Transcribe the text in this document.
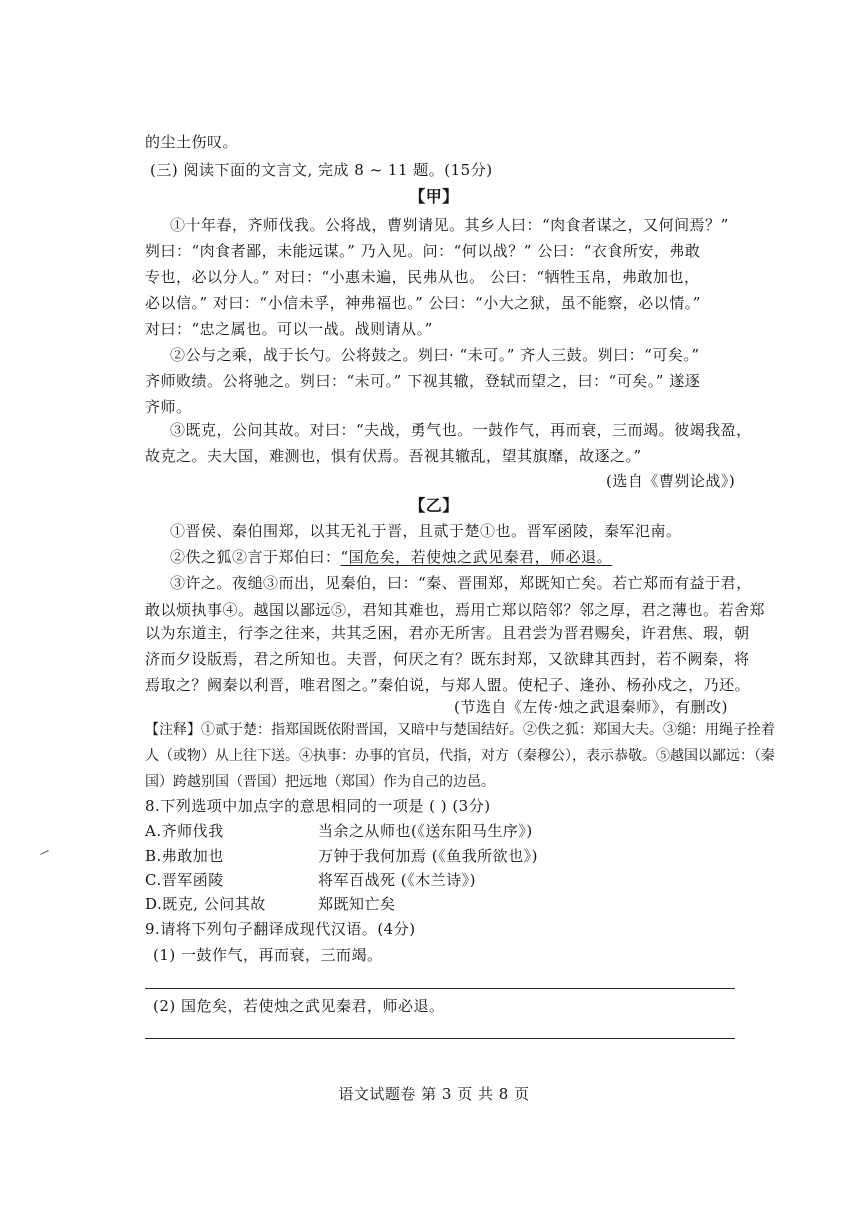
的尘土伤叹。
(三) 阅读下面的文言文, 完成 8 ~ 11 题。(15分)
【甲】
①十年春，齐师伐我。公将战，曹刿请见。其乡人曰：“肉食者谋之，又何间焉？”
刿曰：“肉食者鄙，未能远谋。” 乃入见。问：“何以战？” 公曰：“衣食所安，弗敢
专也，必以分人。” 对曰：“小惠未遍，民弗从也。 公曰：“牺牲玉帛，弗敢加也，
必以信。” 对曰：“小信未孚，神弗福也。” 公曰：“小大之狱，虽不能察，必以情。”
对曰：“忠之属也。可以一战。战则请从。”
②公与之乘，战于长勺。公将鼓之。刿曰· “未可。” 齐人三鼓。刿曰：“可矣。”
齐师败绩。公将驰之。刿曰：“未可。” 下视其辙，登轼而望之，曰：“可矣。” 遂逐
齐师。
③既克，公问其故。对曰：“夫战，勇气也。一鼓作气，再而衰，三而竭。彼竭我盈，
故克之。夫大国，难测也，惧有伏焉。吾视其辙乱，望其旗靡，故逐之。”
(选自《曹刿论战》)
【乙】
①晋侯、秦伯围郑，以其无礼于晋，且贰于楚①也。晋军函陵，秦军氾南。
②佚之狐②言于郑伯曰：“国危矣，若使烛之武见秦君，师必退。
③许之。夜缒③而出，见秦伯，曰：“秦、晋围郑，郑既知亡矣。若亡郑而有益于君，
敢以烦执事④。越国以鄙远⑤，君知其难也，焉用亡郑以陪邻？邻之厚，君之薄也。若舍郑
以为东道主，行李之往来，共其乏困，君亦无所害。且君尝为晋君赐矣，许君焦、瑕，朝
济而夕设版焉，君之所知也。夫晋，何厌之有？既东封郑，又欲肆其西封，若不阙秦，将
焉取之？阙秦以利晋，唯君图之。”秦伯说，与郑人盟。使杞子、逢孙、杨孙戍之，乃还。
(节选自《左传·烛之武退秦师》，有删改)
【注释】①贰于楚：指郑国既依附晋国，又暗中与楚国结好。②佚之狐：郑国大夫。③缒：用绳子拴着
人（或物）从上往下送。④执事：办事的官员，代指，对方（秦穆公），表示恭敬。⑤越国以鄙远：（秦
国）跨越别国（晋国）把远地（郑国）作为自己的边邑。
8.下列选项中加点字的意思相同的一项是 ( ) (3分)
A.齐师伐我	当余之从师也(《送东阳马生序》)
B.弗敢加也	万钟于我何加焉 (《鱼我所欲也》)
C.晋军函陵	将军百战死 (《木兰诗》)
D.既克, 公问其故	郑既知亡矣
9.请将下列句子翻译成现代汉语。(4分)
(1) 一鼓作气，再而衰，三而竭。
(2) 国危矣，若使烛之武见秦君，师必退。
语文试题卷 第 3 页 共 8 页
